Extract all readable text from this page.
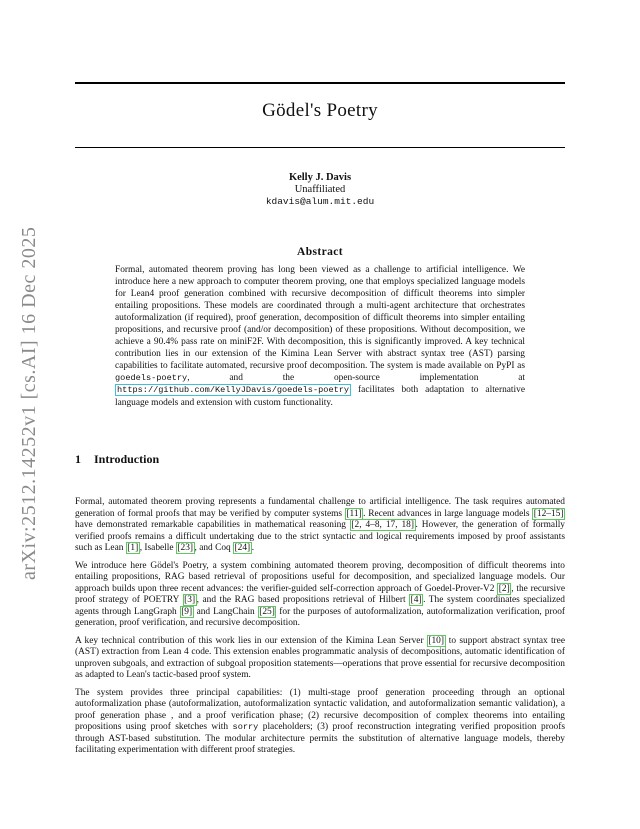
arXiv:2512.14252v1 [cs.AI] 16 Dec 2025
Gödel's Poetry
Kelly J. Davis
Unaffiliated
kdavis@alum.mit.edu
Abstract
Formal, automated theorem proving has long been viewed as a challenge to artificial intelligence. We introduce here a new approach to computer theorem proving, one that employs specialized language models for Lean4 proof generation combined with recursive decomposition of difficult theorems into simpler entailing propositions. These models are coordinated through a multi-agent architecture that orchestrates autoformalization (if required), proof generation, decomposition of difficult theorems into simpler entailing propositions, and recursive proof (and/or decomposition) of these propositions. Without decomposition, we achieve a 90.4% pass rate on miniF2F. With decomposition, this is significantly improved. A key technical contribution lies in our extension of the Kimina Lean Server with abstract syntax tree (AST) parsing capabilities to facilitate automated, recursive proof decomposition. The system is made available on PyPI as goedels-poetry, and the open-source implementation at https://github.com/KellyJDavis/goedels-poetry facilitates both adaptation to alternative language models and extension with custom functionality.
1 Introduction

Formal, automated theorem proving represents a fundamental challenge to artificial intelligence. The task requires automated generation of formal proofs that may be verified by computer systems [11] . Recent advances in large language models [12–15] have demonstrated remarkable capabilities in mathematical reasoning [2, 4–8, 17, 18] . However, the generation of formally verified proofs remains a difficult undertaking due to the strict syntactic and logical requirements imposed by proof assistants such as Lean [1] , Isabelle [23] , and Coq [24] .

We introduce here Gödel's Poetry, a system combining automated theorem proving, decomposition of difficult theorems into entailing propositions, RAG based retrieval of propositions useful for decomposition, and specialized language models. Our approach builds upon three recent advances: the verifier-guided self-correction approach of Goedel-Prover-V2 [2] , the recursive proof strategy of POETRY [3] , and the RAG based propositions retrieval of Hilbert [4] . The system coordinates specialized agents through LangGraph [9] and LangChain [25] for the purposes of autoformalization, autoformalization verification, proof generation, proof verification, and recursive decomposition.

A key technical contribution of this work lies in our extension of the Kimina Lean Server [10] to support abstract syntax tree (AST) extraction from Lean 4 code. This extension enables programmatic analysis of decompositions, automatic identification of unproven subgoals, and extraction of subgoal proposition statements—operations that prove essential for recursive decomposition as adapted to Lean's tactic-based proof system.

The system provides three principal capabilities: (1) multi-stage proof generation proceeding through an optional autoformalization phase (autoformalization, autoformalization syntactic validation, and autoformalization semantic validation), a proof generation phase , and a proof verification phase; (2) recursive decomposition of complex theorems into entailing propositions using proof sketches with sorry placeholders; (3) proof reconstruction integrating verified proposition proofs through AST-based substitution. The modular architecture permits the substitution of alternative language models, thereby facilitating experimentation with different proof strategies.
